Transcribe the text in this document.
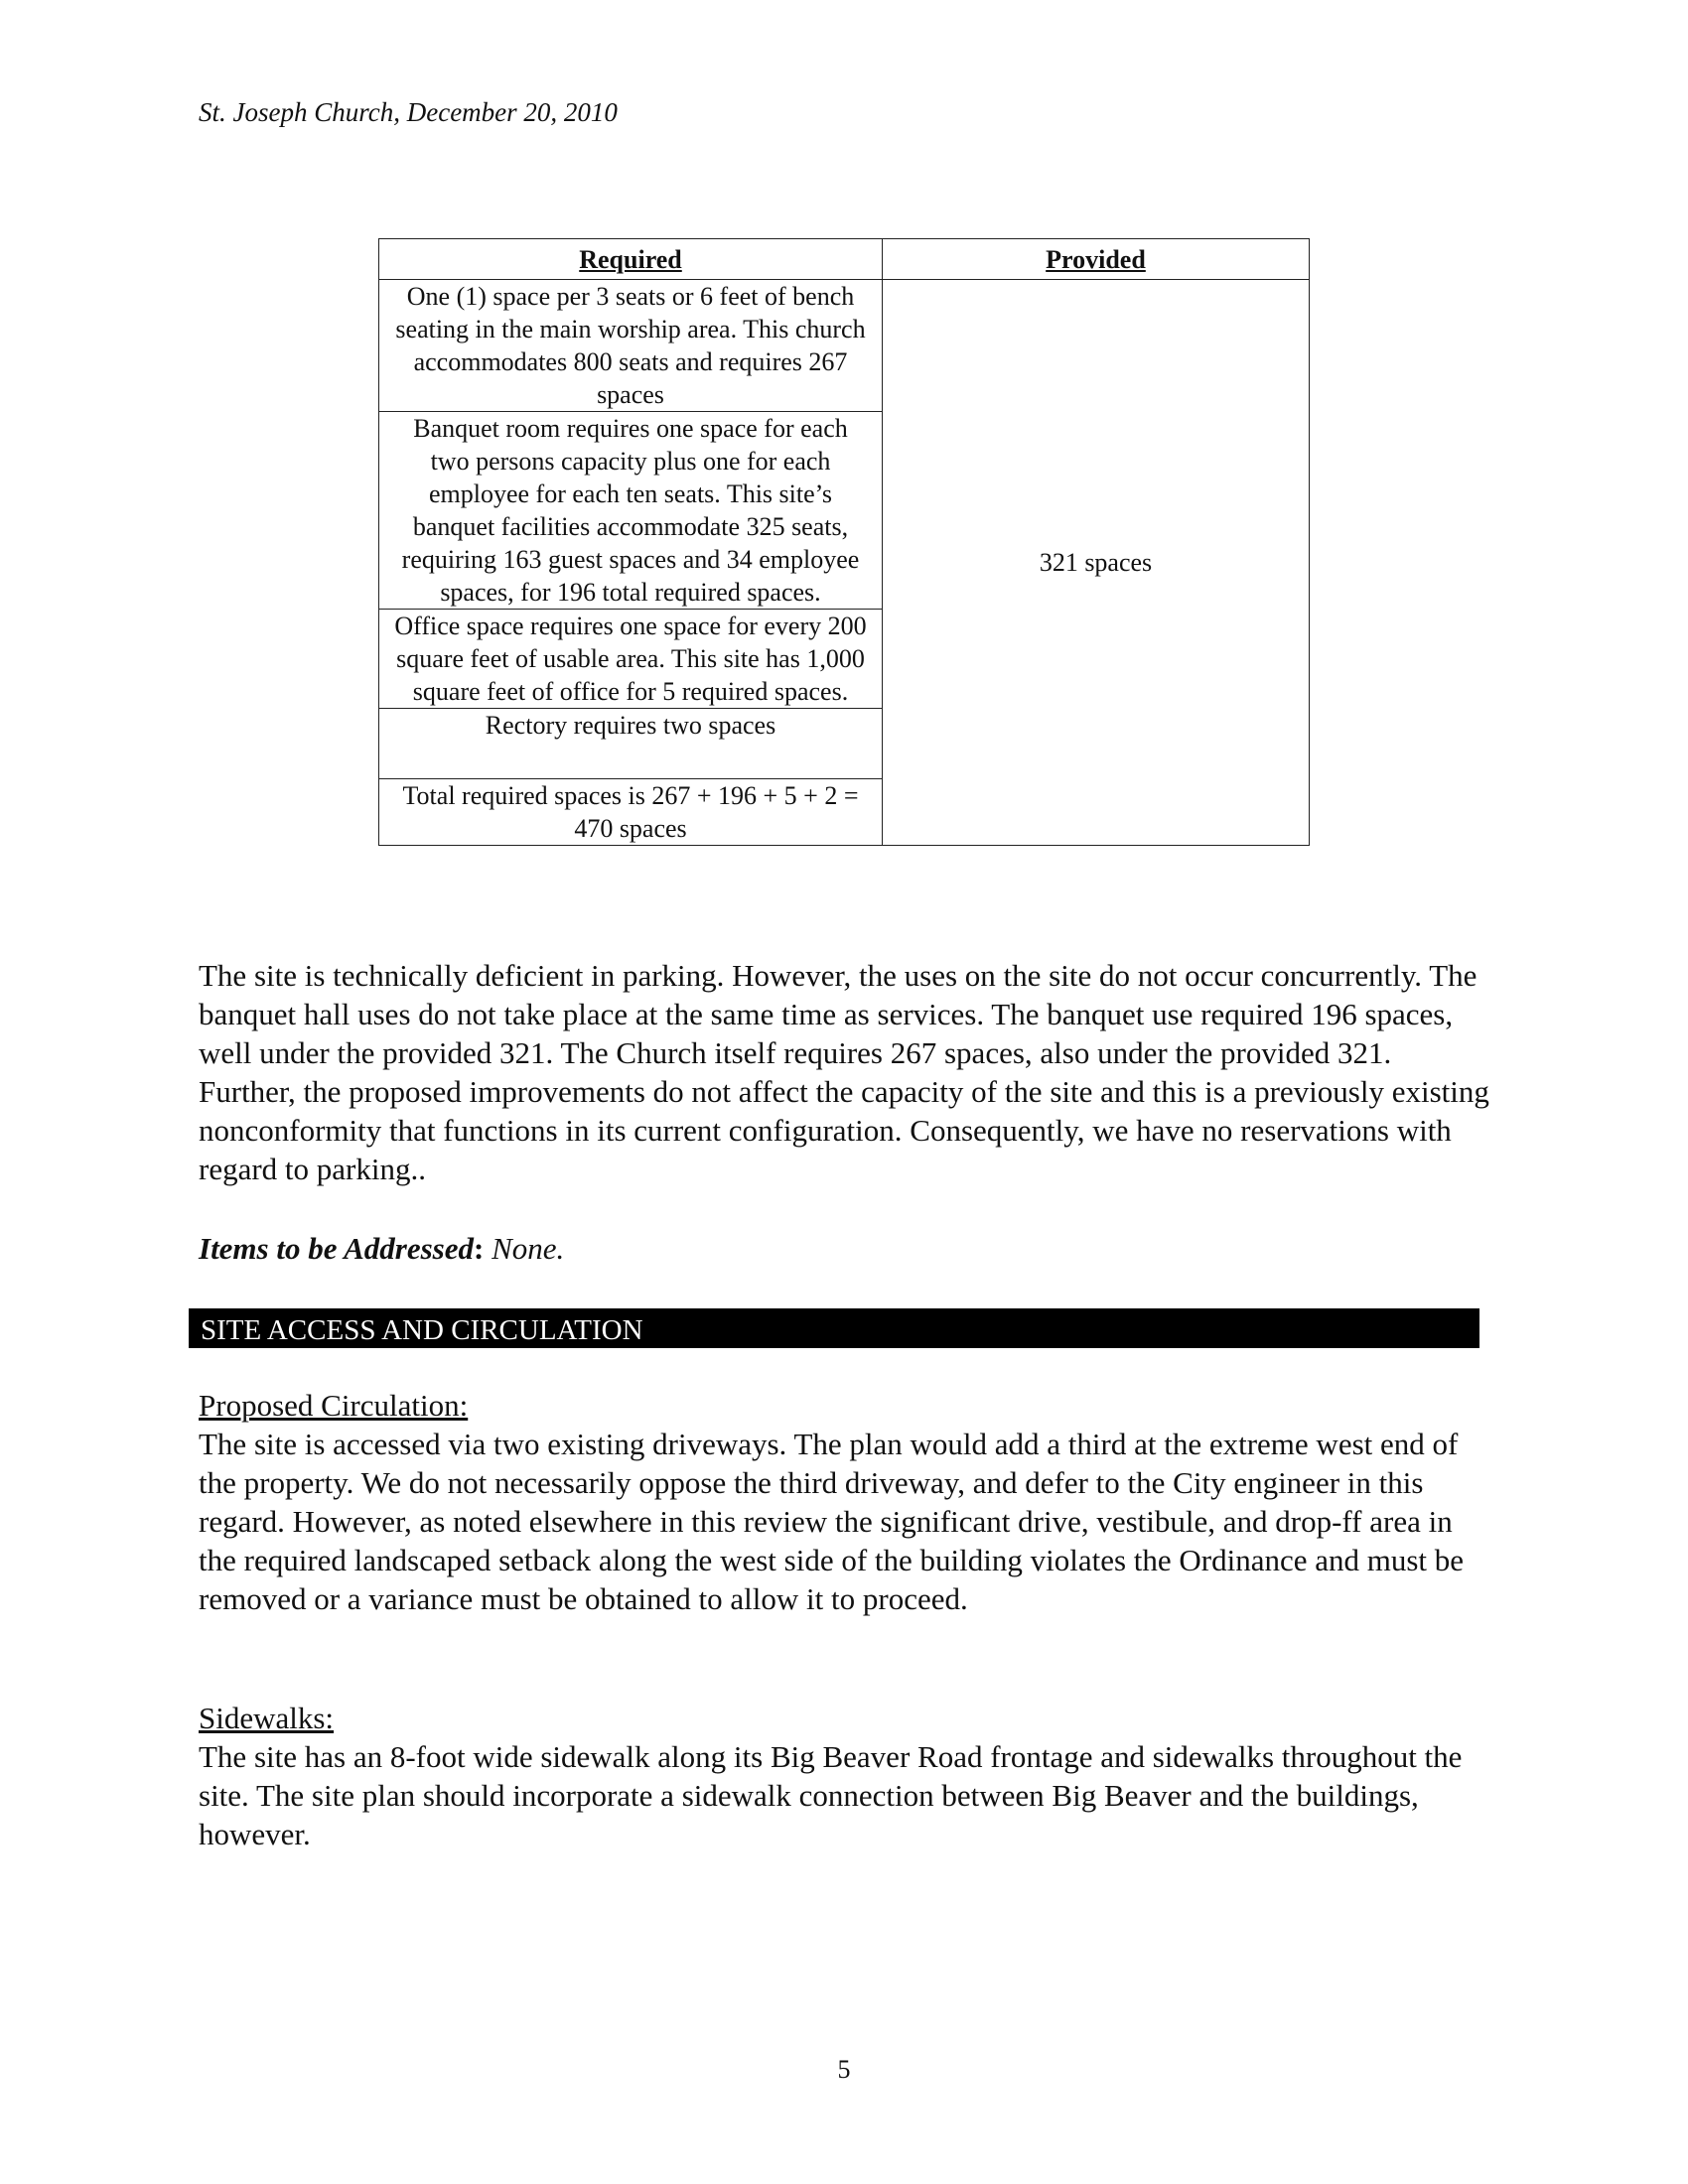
St. Joseph Church, December 20, 2010
Required	Provided
One (1) space per 3 seats or 6 feet of bench seating in the main worship area. This church accommodates 800 seats and requires 267 spaces	321 spaces
Banquet room requires one space for each two persons capacity plus one for each employee for each ten seats. This site’s banquet facilities accommodate 325 seats, requiring 163 guest spaces and 34 employee spaces, for 196 total required spaces.	
Office space requires one space for every 200 square feet of usable area. This site has 1,000 square feet of office for 5 required spaces.	
Rectory requires two spaces	
Total required spaces is 267 + 196 + 5 + 2 = 470 spaces	
The site is technically deficient in parking. However, the uses on the site do not occur concurrently. The banquet hall uses do not take place at the same time as services. The banquet use required 196 spaces, well under the provided 321. The Church itself requires 267 spaces, also under the provided 321. Further, the proposed improvements do not affect the capacity of the site and this is a previously existing nonconformity that functions in its current configuration. Consequently, we have no reservations with regard to parking..
Items to be Addressed: None.
SITE ACCESS AND CIRCULATION
Proposed Circulation:
The site is accessed via two existing driveways. The plan would add a third at the extreme west end of the property. We do not necessarily oppose the third driveway, and defer to the City engineer in this regard. However, as noted elsewhere in this review the significant drive, vestibule, and drop-ff area in the required landscaped setback along the west side of the building violates the Ordinance and must be removed or a variance must be obtained to allow it to proceed.
Sidewalks:
The site has an 8-foot wide sidewalk along its Big Beaver Road frontage and sidewalks throughout the site. The site plan should incorporate a sidewalk connection between Big Beaver and the buildings, however.
5
